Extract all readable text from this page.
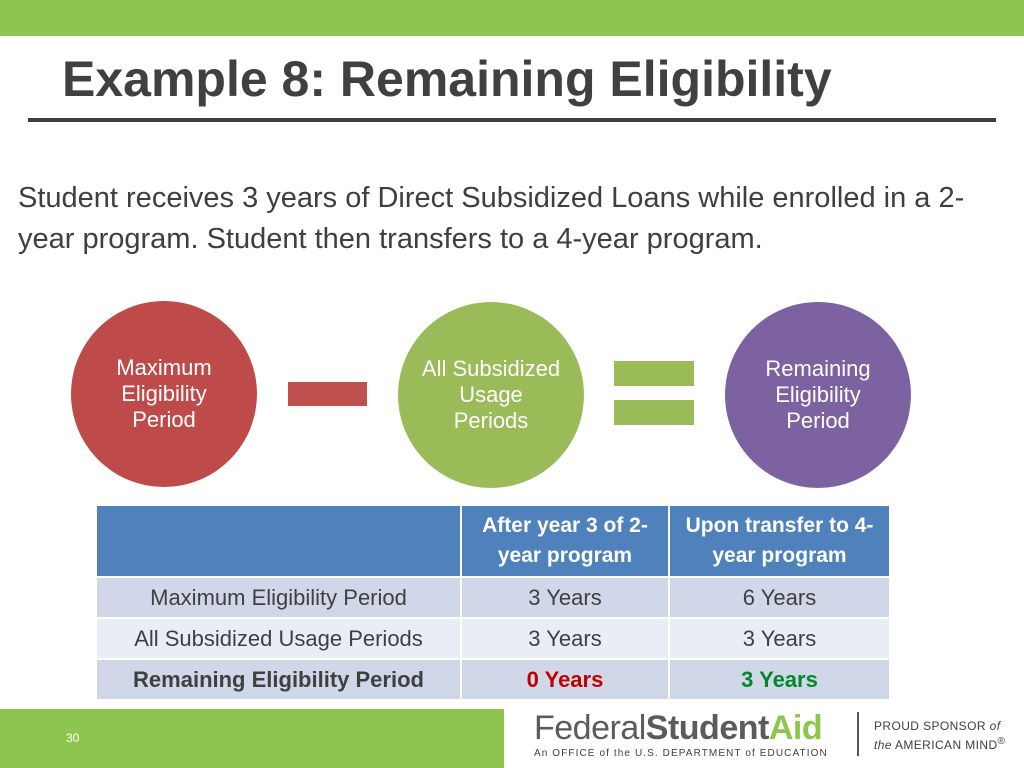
Example 8: Remaining Eligibility

Student receives 3 years of Direct Subsidized Loans while enrolled in a 2-year program. Student then transfers to a 4-year program.

Maximum Eligibility Period
All Subsidized Usage Periods
Remaining Eligibility Period
	After year 3 of 2-year program	Upon transfer to 4-year program
Maximum Eligibility Period	3 Years	6 Years
All Subsidized Usage Periods	3 Years	3 Years
Remaining Eligibility Period	0 Years	3 Years
30	FederalStudentAid
An OFFICE of the U.S. DEPARTMENT of EDUCATION
PROUD SPONSOR of
the AMERICAN MIND®
